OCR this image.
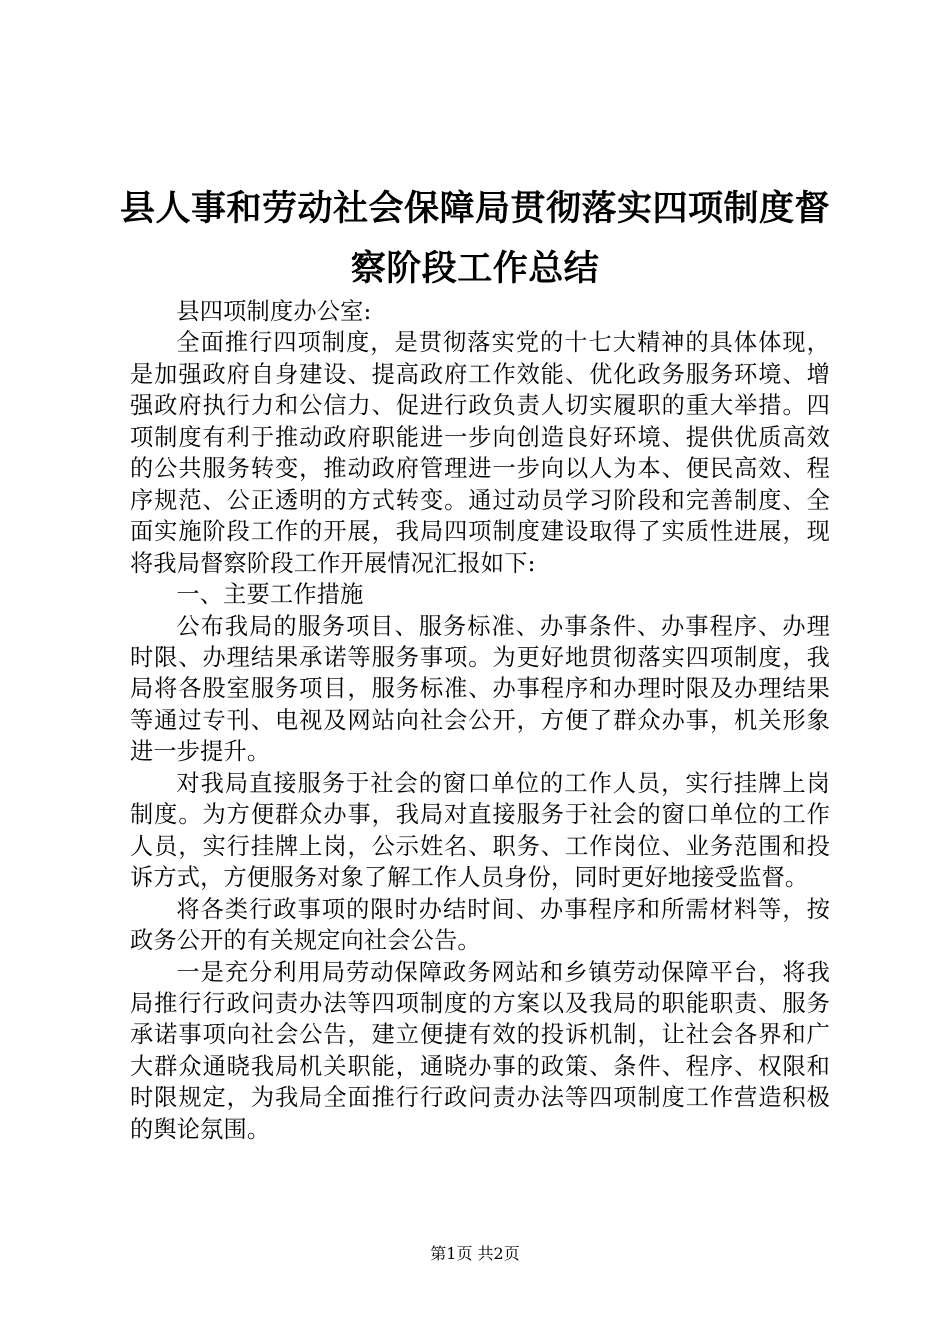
县人事和劳动社会保障局贯彻落实四项制度督
察阶段工作总结

县四项制度办公室:

全面推行四项制度，是贯彻落实党的十七大精神的具体体现，是加强政府自身建设、提高政府工作效能、优化政务服务环境、增强政府执行力和公信力、促进行政负责人切实履职的重大举措。四项制度有利于推动政府职能进一步向创造良好环境、提供优质高效的公共服务转变，推动政府管理进一步向以人为本、便民高效、程序规范、公正透明的方式转变。通过动员学习阶段和完善制度、全面实施阶段工作的开展，我局四项制度建设取得了实质性进展，现将我局督察阶段工作开展情况汇报如下:

一、主要工作措施

公布我局的服务项目、服务标准、办事条件、办事程序、办理时限、办理结果承诺等服务事项。为更好地贯彻落实四项制度，我局将各股室服务项目，服务标准、办事程序和办理时限及办理结果等通过专刊、电视及网站向社会公开，方便了群众办事，机关形象进一步提升。

对我局直接服务于社会的窗口单位的工作人员，实行挂牌上岗制度。为方便群众办事，我局对直接服务于社会的窗口单位的工作人员，实行挂牌上岗，公示姓名、职务、工作岗位、业务范围和投诉方式，方便服务对象了解工作人员身份，同时更好地接受监督。

将各类行政事项的限时办结时间、办事程序和所需材料等，按政务公开的有关规定向社会公告。

一是充分利用局劳动保障政务网站和乡镇劳动保障平台，将我局推行行政问责办法等四项制度的方案以及我局的职能职责、服务承诺事项向社会公告，建立便捷有效的投诉机制，让社会各界和广大群众通晓我局机关职能，通晓办事的政策、条件、程序、权限和时限规定，为我局全面推行行政问责办法等四项制度工作营造积极的舆论氛围。

第1页 共2页
